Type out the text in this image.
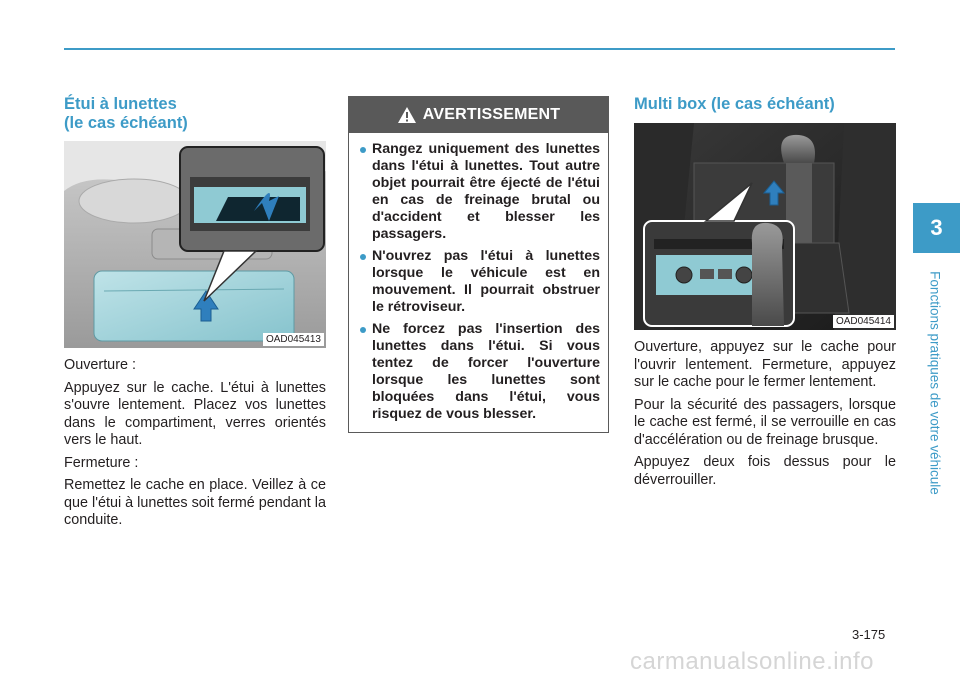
3
Fonctions pratiques de votre véhicule
Étui à lunettes
(le cas échéant)
OAD045413

Ouverture :

Appuyez sur le cache. L'étui à lunettes s'ouvre lentement. Placez vos lunettes dans le compartiment, verres orientés vers le haut.

Fermeture :

Remettez le cache en place. Veillez à ce que l'étui à lunettes soit fermé pendant la conduite.

AVERTISSEMENT
Rangez uniquement des lunettes dans l'étui à lunettes. Tout autre objet pourrait être éjecté de l'étui en cas de freinage brutal ou d'accident et blesser les passagers.
N'ouvrez pas l'étui à lunettes lorsque le véhicule est en mouvement. Il pourrait obstruer le rétroviseur.
Ne forcez pas l'insertion des lunettes dans l'étui. Si vous tentez de forcer l'ouverture lorsque les lunettes sont bloquées dans l'étui, vous risquez de vous blesser.
Multi box (le cas échéant)
OAD045414

Ouverture, appuyez sur le cache pour l'ouvrir lentement. Fermeture, appuyez sur le cache pour le fermer lentement.

Pour la sécurité des passagers, lorsque le cache est fermé, il se verrouille en cas d'accélération ou de freinage brusque.

Appuyez deux fois dessus pour le déverrouiller.

3-175
carmanualsonline.info
